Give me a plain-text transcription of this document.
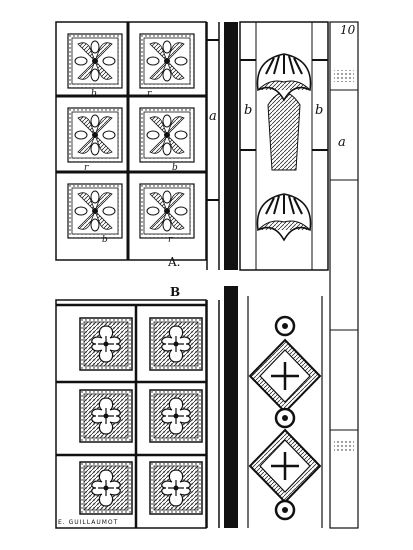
10
A.
B
a b	b
a
b	r
r	b
b	r
E. GUILLAUMOT
